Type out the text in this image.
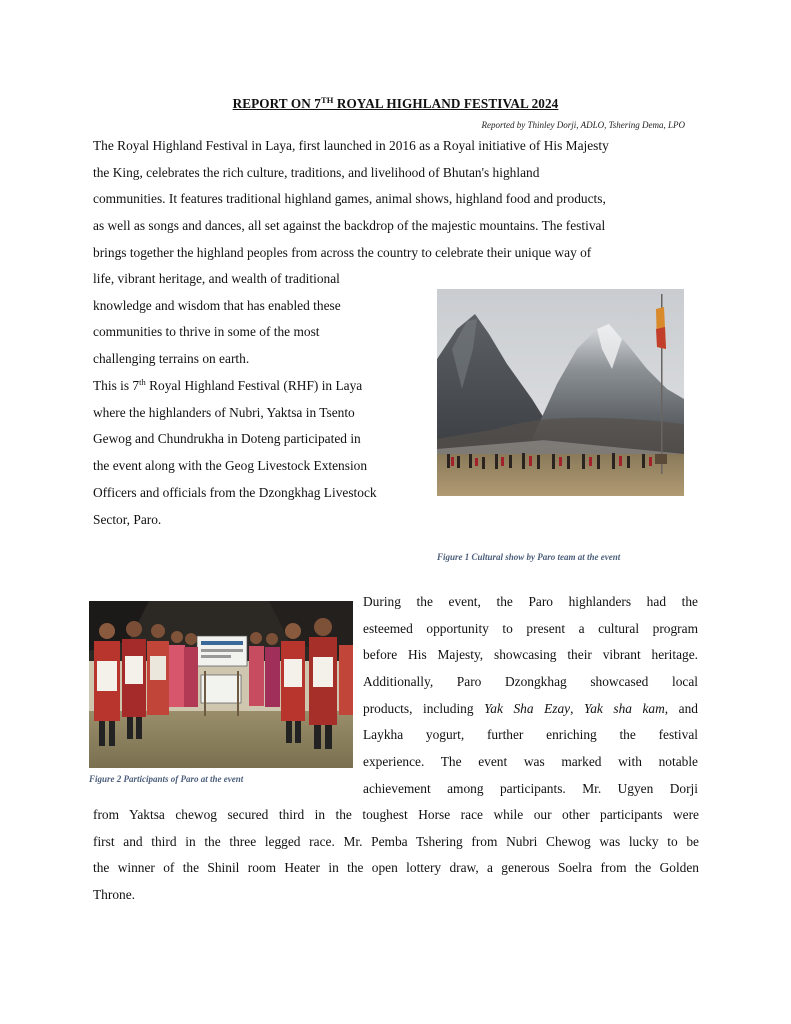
REPORT ON 7TH ROYAL HIGHLAND FESTIVAL 2024
Reported by Thinley Dorji, ADLO, Tshering Dema, LPO
The Royal Highland Festival in Laya, first launched in 2016 as a Royal initiative of His Majesty
the King, celebrates the rich culture, traditions, and livelihood of Bhutan's highland
communities. It features traditional highland games, animal shows, highland food and products,
as well as songs and dances, all set against the backdrop of the majestic mountains. The festival
brings together the highland peoples from across the country to celebrate their unique way of
life, vibrant heritage, and wealth of traditional
knowledge and wisdom that has enabled these
communities to thrive in some of the most
challenging terrains on earth.
This is 7th Royal Highland Festival (RHF) in Laya
where the highlanders of Nubri, Yaktsa in Tsento
Gewog and Chundrukha in Doteng participated in
the event along with the Geog Livestock Extension
Officers and officials from the Dzongkhag Livestock
Sector, Paro.
Figure 1 Cultural show by Paro team at the event
Figure 2 Participants of Paro at the event
During the event, the Paro highlanders had the
esteemed opportunity to present a cultural program
before His Majesty, showcasing their vibrant heritage.
Additionally, Paro Dzongkhag showcased local
products, including Yak Sha Ezay, Yak sha kam, and
Laykha yogurt, further enriching the festival
experience. The event was marked with notable
achievement among participants. Mr. Ugyen Dorji
from Yaktsa chewog secured third in the toughest Horse race while our other participants were
first and third in the three legged race. Mr. Pemba Tshering from Nubri Chewog was lucky to be
the winner of the Shinil room Heater in the open lottery draw, a generous Soelra from the Golden
Throne.
